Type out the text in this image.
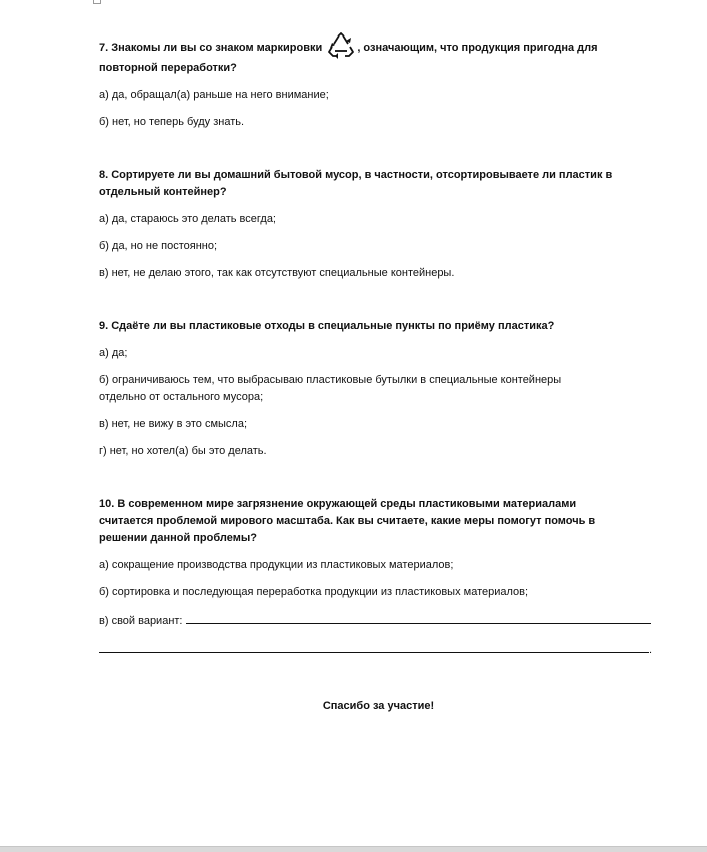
7. Знакомы ли вы со знаком маркировки	, означающим, что продукция пригодна для
повторной переработки?

а) да, обращал(а) раньше на него внимание;

б) нет, но теперь буду знать.

8. Сортируете ли вы домашний бытовой мусор, в частности, отсортировываете ли пластик в
отдельный контейнер?

а) да, стараюсь это делать всегда;

б) да, но не постоянно;

в) нет, не делаю этого, так как отсутствуют специальные контейнеры.

9. Сдаёте ли вы пластиковые отходы в специальные пункты по приёму пластика?

а) да;

б) ограничиваюсь тем, что выбрасываю пластиковые бутылки в специальные контейнеры
отдельно от остального мусора;

в) нет, не вижу в это смысла;

г) нет, но хотел(а) бы это делать.

10. В современном мире загрязнение окружающей среды пластиковыми материалами
считается проблемой мирового масштаба. Как вы считаете, какие меры помогут помочь в
решении данной проблемы?

а) сокращение производства продукции из пластиковых материалов;

б) сортировка и последующая переработка продукции из пластиковых материалов;

в) свой вариант:

.

Спасибо за участие!
